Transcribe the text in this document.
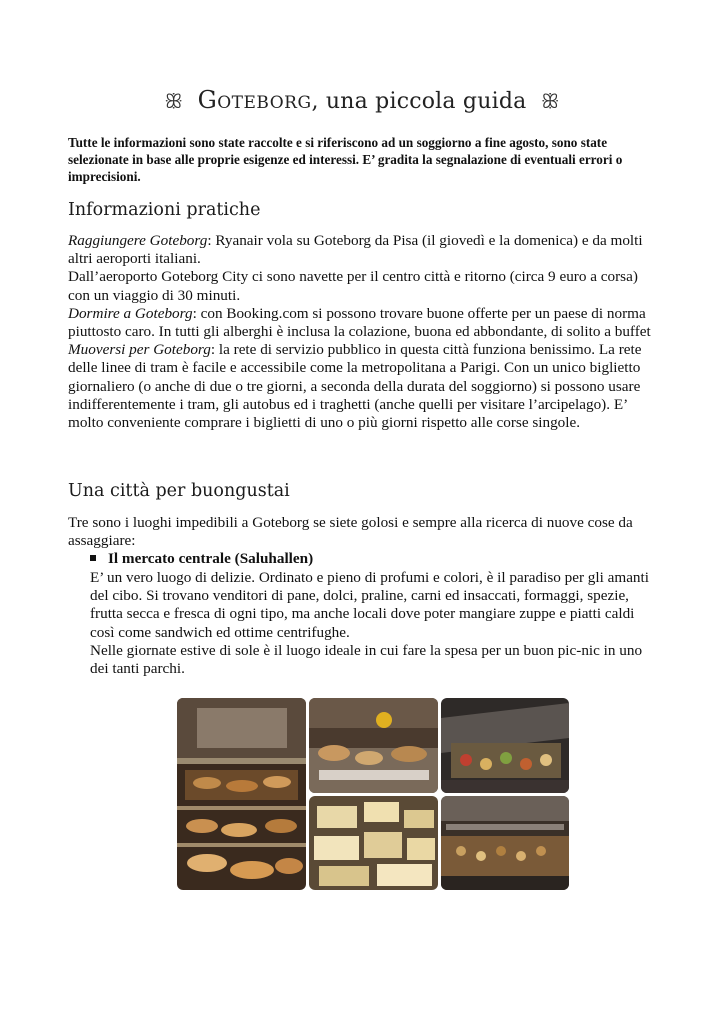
ꕥ Goteborg, una piccola guida ꕥ
Tutte le informazioni sono state raccolte e si riferiscono ad un soggiorno a fine agosto, sono state selezionate in base alle proprie esigenze ed interessi. E’ gradita la segnalazione di eventuali errori o imprecisioni.
Informazioni pratiche

Raggiungere Goteborg: Ryanair vola su Goteborg da Pisa (il giovedì e la domenica) e da molti altri aeroporti italiani.

Dall’aeroporto Goteborg City ci sono navette per il centro città e ritorno (circa 9 euro a corsa) con un viaggio di 30 minuti.

Dormire a Goteborg: con Booking.com si possono trovare buone offerte per un paese di norma piuttosto caro. In tutti gli alberghi è inclusa la colazione, buona ed abbondante, di solito a buffet

Muoversi per Goteborg: la rete di servizio pubblico in questa città funziona benissimo. La rete delle linee di tram è facile e accessibile come la metropolitana a Parigi. Con un unico biglietto giornaliero (o anche di due o tre giorni, a seconda della durata del soggiorno) si possono usare indifferentemente i tram, gli autobus ed i traghetti (anche quelli per visitare l’arcipelago). E’ molto conveniente comprare i biglietti di uno o più giorni rispetto alle corse singole.

Una città per buongustai
Tre sono i luoghi impedibili a Goteborg se siete golosi e sempre alla ricerca di nuove cose da assaggiare:
Il mercato centrale (Saluhallen)

E’ un vero luogo di delizie. Ordinato e pieno di profumi e colori, è il paradiso per gli amanti del cibo. Si trovano venditori di pane, dolci, praline, carni ed insaccati, formaggi, spezie, frutta secca e fresca di ogni tipo, ma anche locali dove poter mangiare zuppe e piatti caldi così come sandwich ed ottime centrifughe.

Nelle giornate estive di sole è il luogo ideale in cui fare la spesa per un buon pic-nic in uno dei tanti parchi.
